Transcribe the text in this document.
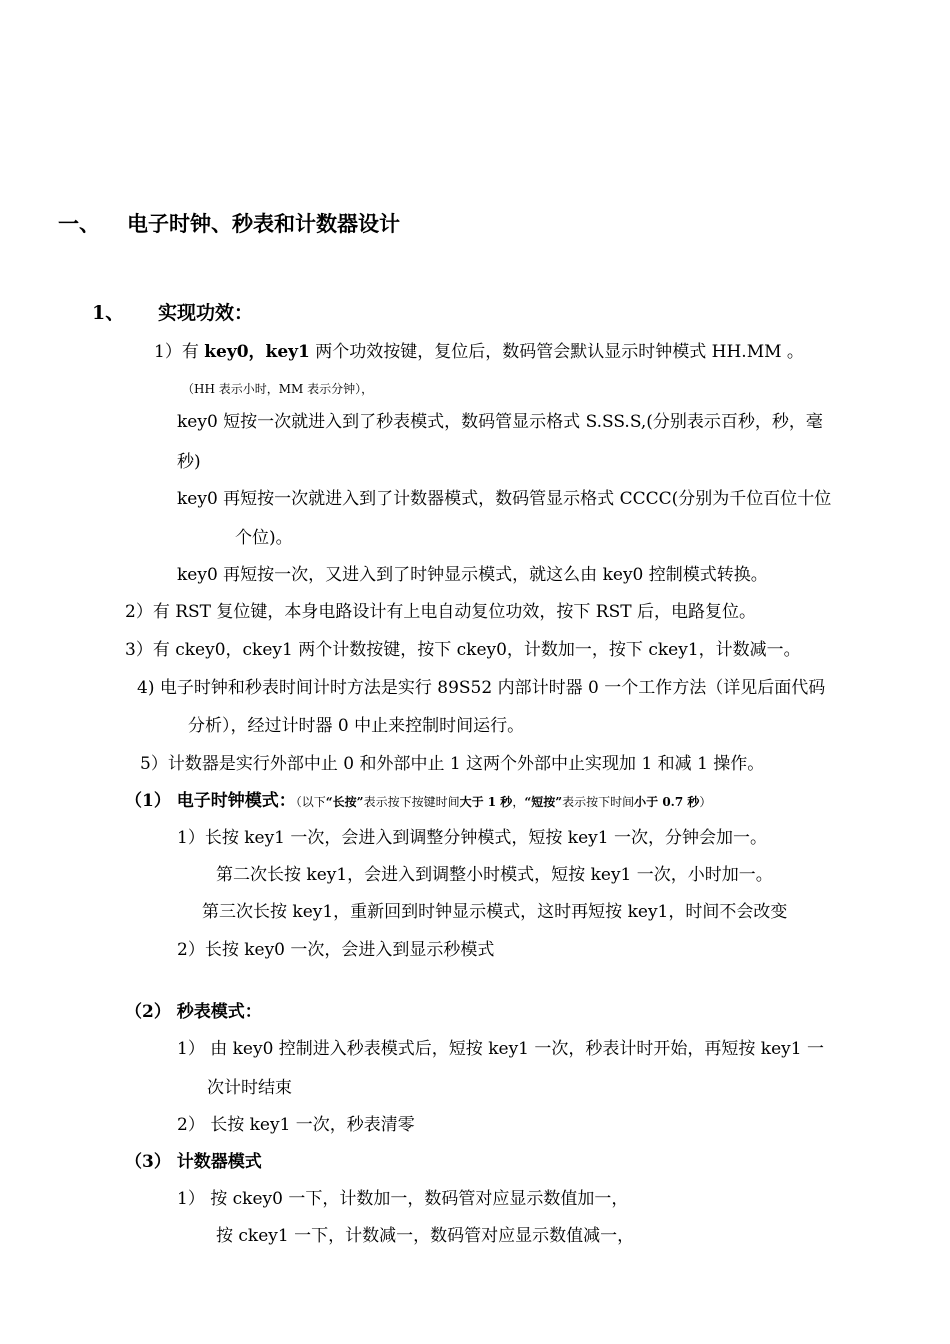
一、 电子时钟、秒表和计数器设计
1、 实现功效：
1）有 key0，key1 两个功效按键，复位后，数码管会默认显示时钟模式 HH.MM 。
（HH 表示小时，MM 表示分钟），
key0 短按一次就进入到了秒表模式，数码管显示格式 S.SS.S,(分别表示百秒，秒，毫
秒)
key0 再短按一次就进入到了计数器模式，数码管显示格式 CCCC(分别为千位百位十位
个位)。
key0 再短按一次，又进入到了时钟显示模式，就这么由 key0 控制模式转换。
2）有 RST 复位键，本身电路设计有上电自动复位功效，按下 RST 后，电路复位。
3）有 ckey0，ckey1 两个计数按键，按下 ckey0，计数加一，按下 ckey1，计数减一。
4) 电子时钟和秒表时间计时方法是实行 89S52 内部计时器 0 一个工作方法（详见后面代码
分析），经过计时器 0 中止来控制时间运行。
5）计数器是实行外部中止 0 和外部中止 1 这两个外部中止实现加 1 和减 1 操作。
（1） 电子时钟模式：（以下“长按”表示按下按键时间大于 1 秒，“短按”表示按下时间小于 0.7 秒）
1）长按 key1 一次，会进入到调整分钟模式，短按 key1 一次，分钟会加一。
第二次长按 key1，会进入到调整小时模式，短按 key1 一次，小时加一。
第三次长按 key1，重新回到时钟显示模式，这时再短按 key1，时间不会改变
2）长按 key0 一次，会进入到显示秒模式
（2） 秒表模式：
1） 由 key0 控制进入秒表模式后，短按 key1 一次，秒表计时开始，再短按 key1 一
次计时结束
2） 长按 key1 一次，秒表清零
（3） 计数器模式
1） 按 ckey0 一下，计数加一，数码管对应显示数值加一，
按 ckey1 一下，计数减一，数码管对应显示数值减一，
